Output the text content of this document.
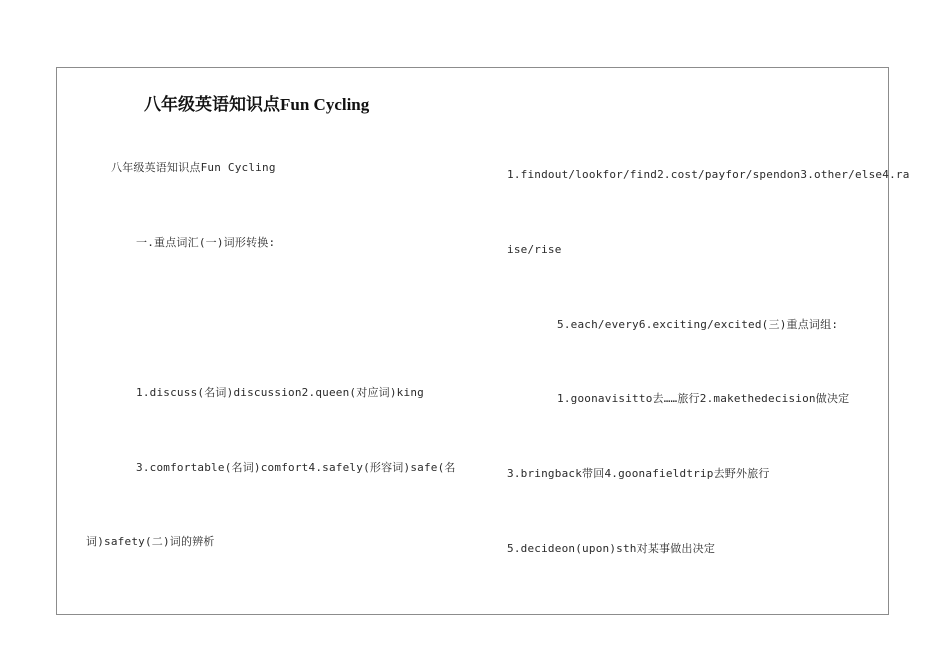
八年级英语知识点Fun Cycling
八年级英语知识点Fun Cycling
一.重点词汇(一)词形转换:
1.discuss(名词)discussion2.queen(对应词)king
3.comfortable(名词)comfort4.safely(形容词)safe(名
词)safety(二)词的辨析
1.findout/lookfor/find2.cost/payfor/spendon3.other/else4.ra
ise/rise
5.each/every6.exciting/excited(三)重点词组:
1.goonavisitto去……旅行2.makethedecision做决定
3.bringback带回4.goonafieldtrip去野外旅行
5.decideon(upon)sth对某事做出决定
